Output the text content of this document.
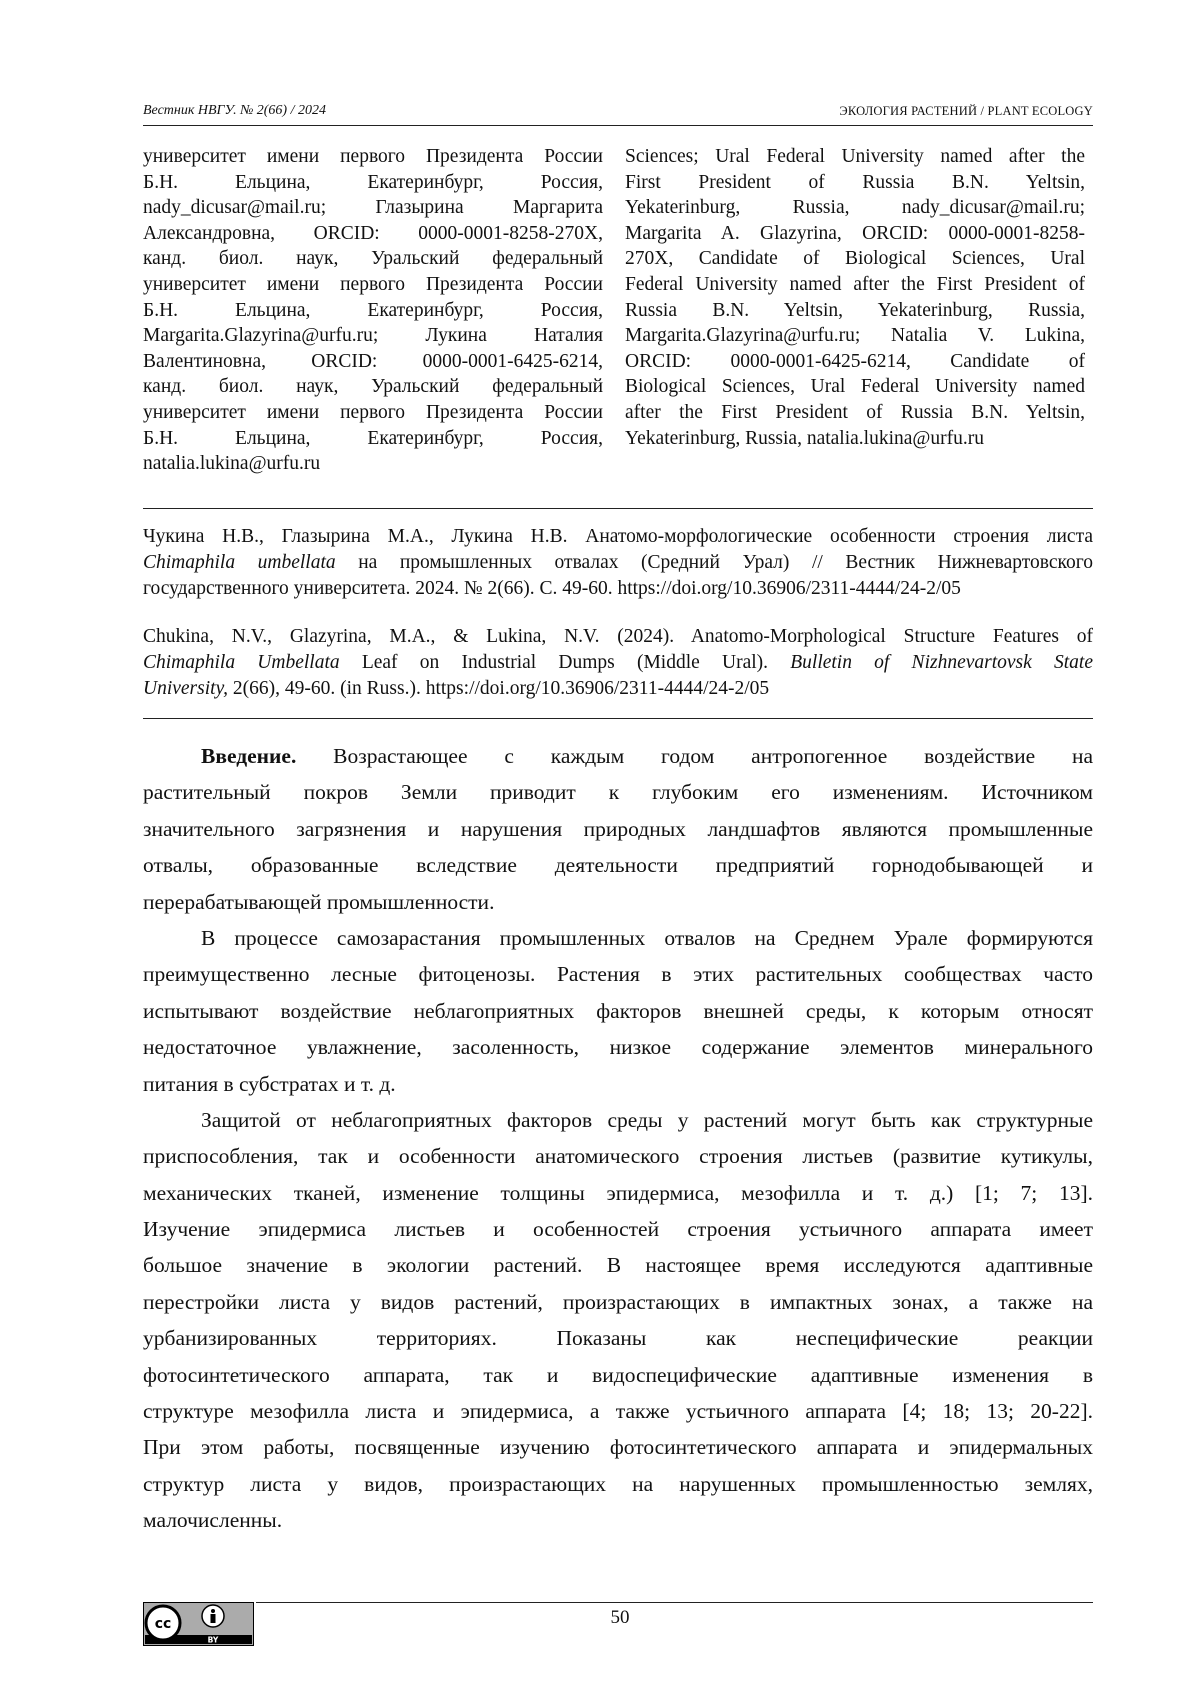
Вестник НВГУ. № 2(66) / 2024	ЭКОЛОГИЯ РАСТЕНИЙ / PLANT ECOLOGY
университет имени первого Президента России
Б.Н. Ельцина, Екатеринбург, Россия,
nady_dicusar@mail.ru; Глазырина Маргарита
Александровна, ORCID: 0000-0001-8258-270X,
канд. биол. наук, Уральский федеральный
университет имени первого Президента России
Б.Н. Ельцина, Екатеринбург, Россия,
Margarita.Glazyrina@urfu.ru; Лукина Наталия
Валентиновна, ORCID: 0000-0001-6425-6214,
канд. биол. наук, Уральский федеральный
университет имени первого Президента России
Б.Н. Ельцина, Екатеринбург, Россия,
natalia.lukina@urfu.ru
Sciences; Ural Federal University named after the
First President of Russia B.N. Yeltsin,
Yekaterinburg, Russia, nady_dicusar@mail.ru;
Margarita A. Glazyrina, ORCID: 0000-0001-8258-
270X, Candidate of Biological Sciences, Ural
Federal University named after the First President of
Russia B.N. Yeltsin, Yekaterinburg, Russia,
Margarita.Glazyrina@urfu.ru; Natalia V. Lukina,
ORCID: 0000-0001-6425-6214, Candidate of
Biological Sciences, Ural Federal University named
after the First President of Russia B.N. Yeltsin,
Yekaterinburg, Russia, natalia.lukina@urfu.ru
Чукина Н.В., Глазырина М.А., Лукина Н.В. Анатомо-морфологические особенности строения листа
Chimaphila umbellata на промышленных отвалах (Средний Урал) // Вестник Нижневартовского
государственного университета. 2024. № 2(66). С. 49-60. https://doi.org/10.36906/2311-4444/24-2/05
Chukina, N.V., Glazyrina, M.A., & Lukina, N.V. (2024). Anatomo-Morphological Structure Features of
Chimaphila Umbellata Leaf on Industrial Dumps (Middle Ural). Bulletin of Nizhnevartovsk State
University, 2(66), 49-60. (in Russ.). https://doi.org/10.36906/2311-4444/24-2/05
Введение. Возрастающее с каждым годом антропогенное воздействие на
растительный покров Земли приводит к глубоким его изменениям. Источником
значительного загрязнения и нарушения природных ландшафтов являются промышленные
отвалы, образованные вследствие деятельности предприятий горнодобывающей и
перерабатывающей промышленности.
В процессе самозарастания промышленных отвалов на Среднем Урале формируются
преимущественно лесные фитоценозы. Растения в этих растительных сообществах часто
испытывают воздействие неблагоприятных факторов внешней среды, к которым относят
недостаточное увлажнение, засоленность, низкое содержание элементов минерального
питания в субстратах и т. д.
Защитой от неблагоприятных факторов среды у растений могут быть как структурные
приспособления, так и особенности анатомического строения листьев (развитие кутикулы,
механических тканей, изменение толщины эпидермиса, мезофилла и т. д.) [1; 7; 13].
Изучение эпидермиса листьев и особенностей строения устьичного аппарата имеет
большое значение в экологии растений. В настоящее время исследуются адаптивные
перестройки листа у видов растений, произрастающих в импактных зонах, а также на
урбанизированных территориях. Показаны как неспецифические реакции
фотосинтетического аппарата, так и видоспецифические адаптивные изменения в
структуре мезофилла листа и эпидермиса, а также устьичного аппарата [4; 18; 13; 20-22].
При этом работы, посвященные изучению фотосинтетического аппарата и эпидермальных
структур листа у видов, произрастающих на нарушенных промышленностью землях,
малочисленны.
cc
BY
50
